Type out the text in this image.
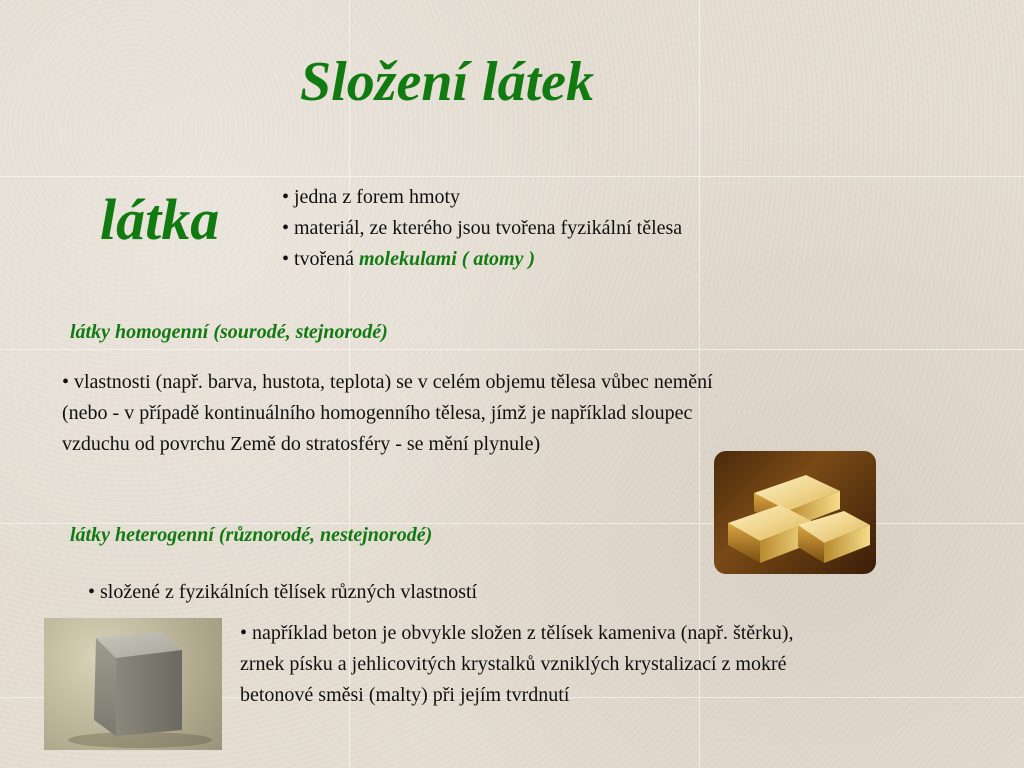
Složení látek
látka	• jedna z forem hmoty
• materiál, ze kterého jsou tvořena fyzikální tělesa
• tvořená molekulami ( atomy )
látky homogenní (sourodé, stejnorodé)
• vlastnosti (např. barva, hustota, teplota) se v celém objemu tělesa vůbec nemění
(nebo - v případě kontinuálního homogenního tělesa, jímž je například sloupec
vzduchu od povrchu Země do stratosféry - se mění plynule)
látky heterogenní (různorodé, nestejnorodé)
• složené z fyzikálních tělísek různých vlastností
• například beton je obvykle složen z tělísek kameniva (např. štěrku),
zrnek písku a jehlicovitých krystalků vzniklých krystalizací z mokré
betonové směsi (malty) při jejím tvrdnutí
